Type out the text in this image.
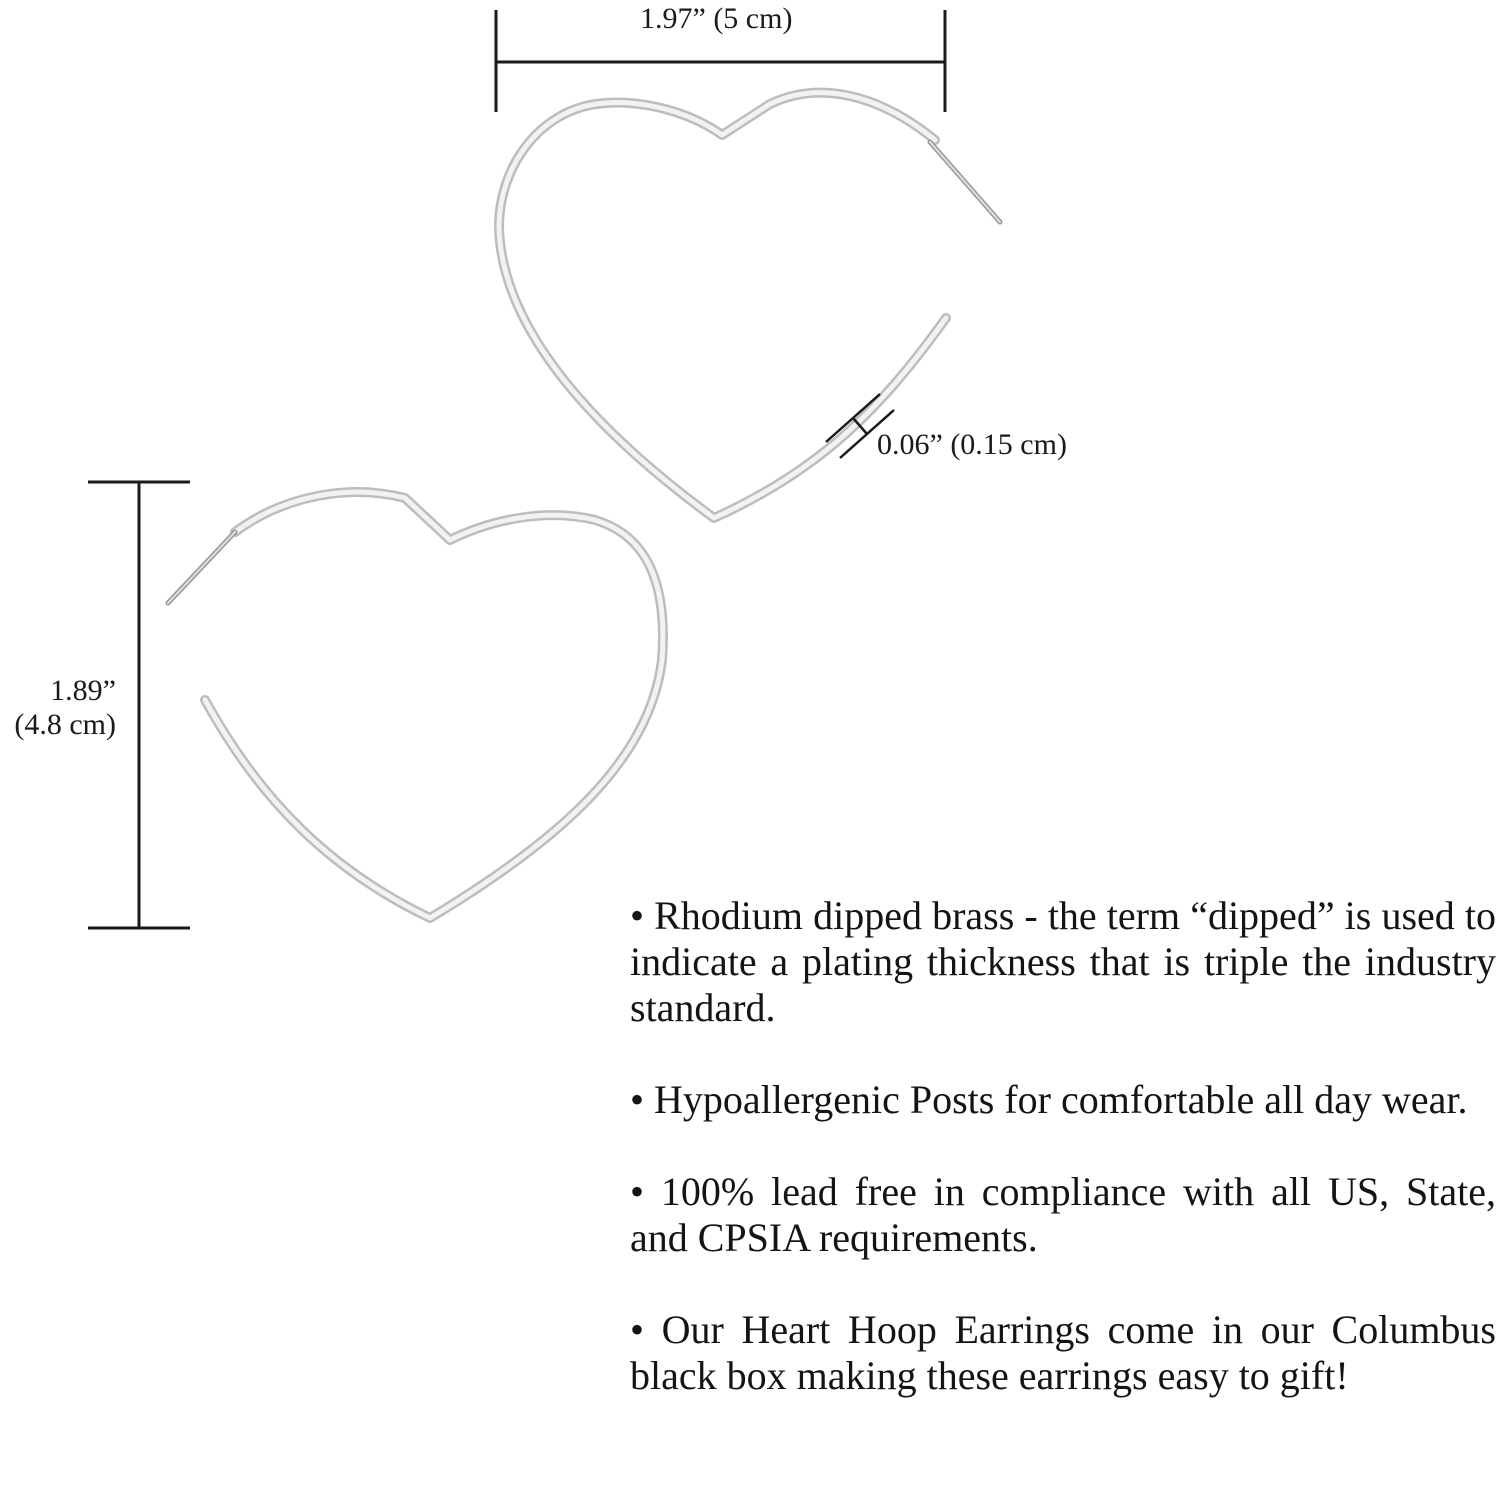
1.97” (5 cm)
0.06” (0.15 cm)
1.89”
(4.8 cm)
• Rhodium dipped brass - the term “dipped” is used to indicate a plating thickness that is triple the industry standard.
• Hypoallergenic Posts for comfortable all day wear.
• 100% lead free in compliance with all US, State, and CPSIA requirements.
• Our Heart Hoop Earrings come in our Columbus black box making these earrings easy to gift!
